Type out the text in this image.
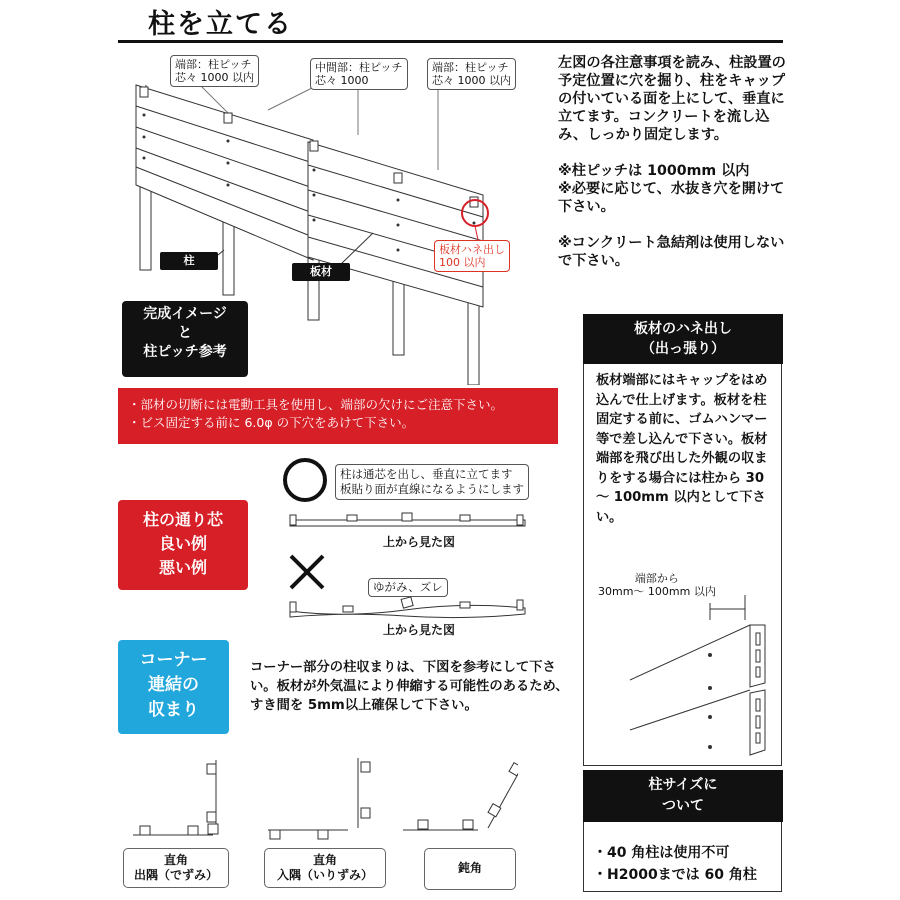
柱を立てる
端部：柱ピッチ
芯々 1000 以内
中間部：柱ピッチ
芯々 1000
端部：柱ピッチ
芯々 1000 以内
板材ハネ出し
100 以内
柱
板材
完成イメージ
と
柱ピッチ参考

左図の各注意事項を読み、柱設置の予定位置に穴を掘り、柱をキャップの付いている面を上にして、垂直に立てます。コンクリートを流し込み、しっかり固定します。

※柱ピッチは 1000mm 以内

※必要に応じて、水抜き穴を開けて下さい。

※コンクリート急結剤は使用しないで下さい。

・部材の切断には電動工具を使用し、端部の欠けにご注意下さい。
・ビス固定する前に 6.0φ の下穴をあけて下さい。
板材のハネ出し
（出っ張り）

板材端部にはキャップをはめ込んで仕上げます。板材を柱固定する前に、ゴムハンマー等で差し込んで下さい。板材端部を飛び出した外観の収まりをする場合には柱から 30 ～ 100mm 以内として下さい。

端部から
30mm～ 100mm 以内
柱の通り芯
良い例
悪い例
柱は通芯を出し、垂直に立てます
板貼り面が直線になるようにします
上から見た図
ゆがみ、ズレ
上から見た図
コーナー
連結の
収まり
コーナー部分の柱収まりは、下図を参考にして下さい。板材が外気温により伸縮する可能性のあるため、すき間を 5mm以上確保して下さい。
直角
出隅（でずみ）
直角
入隅（いりずみ）	鈍角
柱サイズに
ついて
・40 角柱は使用不可
・H2000までは 60 角柱
